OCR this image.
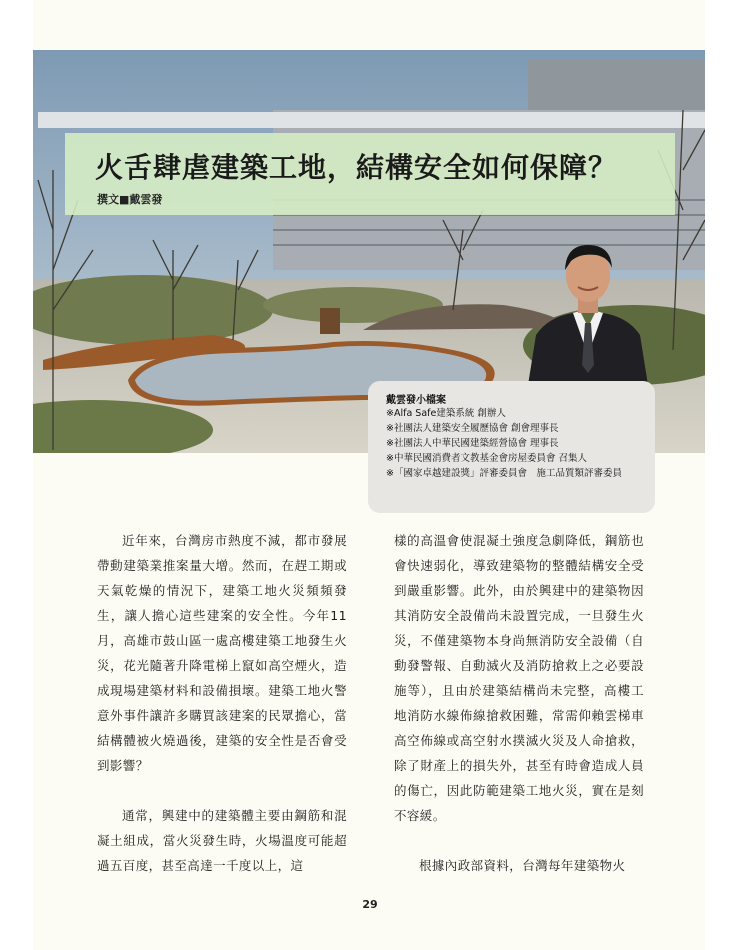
火舌肆虐建築工地，結構安全如何保障？
撰文■戴雲發
戴雲發小檔案
※Alfa Safe建築系統 創辦人
※社團法人建築安全履歷協會 創會理事長
※社團法人中華民國建築經營協會 理事長
※中華民國消費者文教基金會房屋委員會 召集人
※「國家卓越建設獎」評審委員會　施工品質類評審委員

近年來，台灣房市熱度不減，都市發展帶動建築業推案量大增。然而，在趕工期或天氣乾燥的情況下，建築工地火災頻頻發生，讓人擔心這些建案的安全性。今年11月，高雄市鼓山區一處高樓建築工地發生火災，花光隨著升降電梯上竄如高空煙火，造成現場建築材料和設備損壞。建築工地火警意外事件讓許多購買該建案的民眾擔心，當結構體被火燒過後，建築的安全性是否會受到影響？

通常，興建中的建築體主要由鋼筋和混凝土組成，當火災發生時，火場溫度可能超過五百度，甚至高達一千度以上，這

樣的高溫會使混凝土強度急劇降低，鋼筋也會快速弱化，導致建築物的整體結構安全受到嚴重影響。此外，由於興建中的建築物因其消防安全設備尚未設置完成，一旦發生火災，不僅建築物本身尚無消防安全設備（自動發警報、自動滅火及消防搶救上之必要設施等），且由於建築結構尚未完整，高樓工地消防水線佈線搶救困難，常需仰賴雲梯車高空佈線或高空射水撲滅火災及人命搶救，除了財產上的損失外，甚至有時會造成人員的傷亡，因此防範建築工地火災，實在是刻不容緩。

根據內政部資料，台灣每年建築物火

29
